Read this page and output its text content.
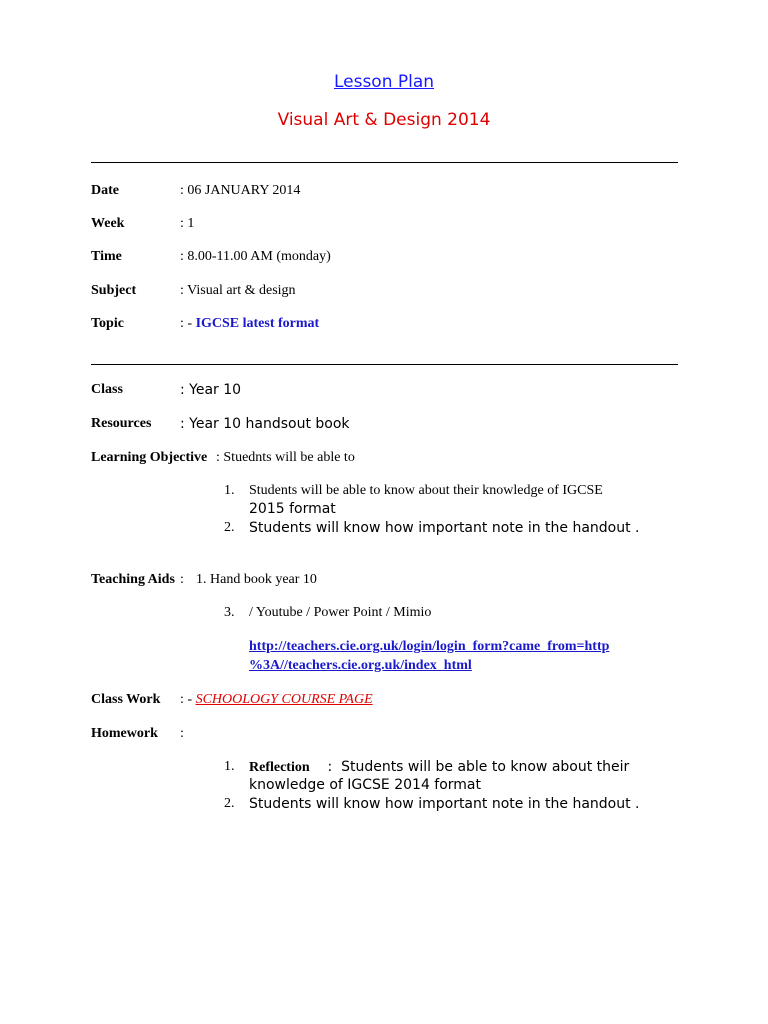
Lesson Plan
Visual Art & Design 2014
Date	: 06 JANUARY 2014
Week	: 1
Time	: 8.00-11.00 AM (monday)
Subject	: Visual art & design
Topic	: - IGCSE latest format
Class	: Year 10
Resources : Year 10 handsout book
Learning Objective : Stuednts will be able to
1. Students will be able to know about their knowledge of IGCSE
2015 format
2. Students will know how important note in the handout .
Teaching Aids : 1. Hand book year 10
3. / Youtube / Power Point / Mimio
http://teachers.cie.org.uk/login/login_form?came_from=http
%3A//teachers.cie.org.uk/index_html
Class Work : - SCHOOLOGY COURSE PAGE
Homework :
1. Reflection    :  Students will be able to know about their
knowledge of IGCSE 2014 format
2. Students will know how important note in the handout .
